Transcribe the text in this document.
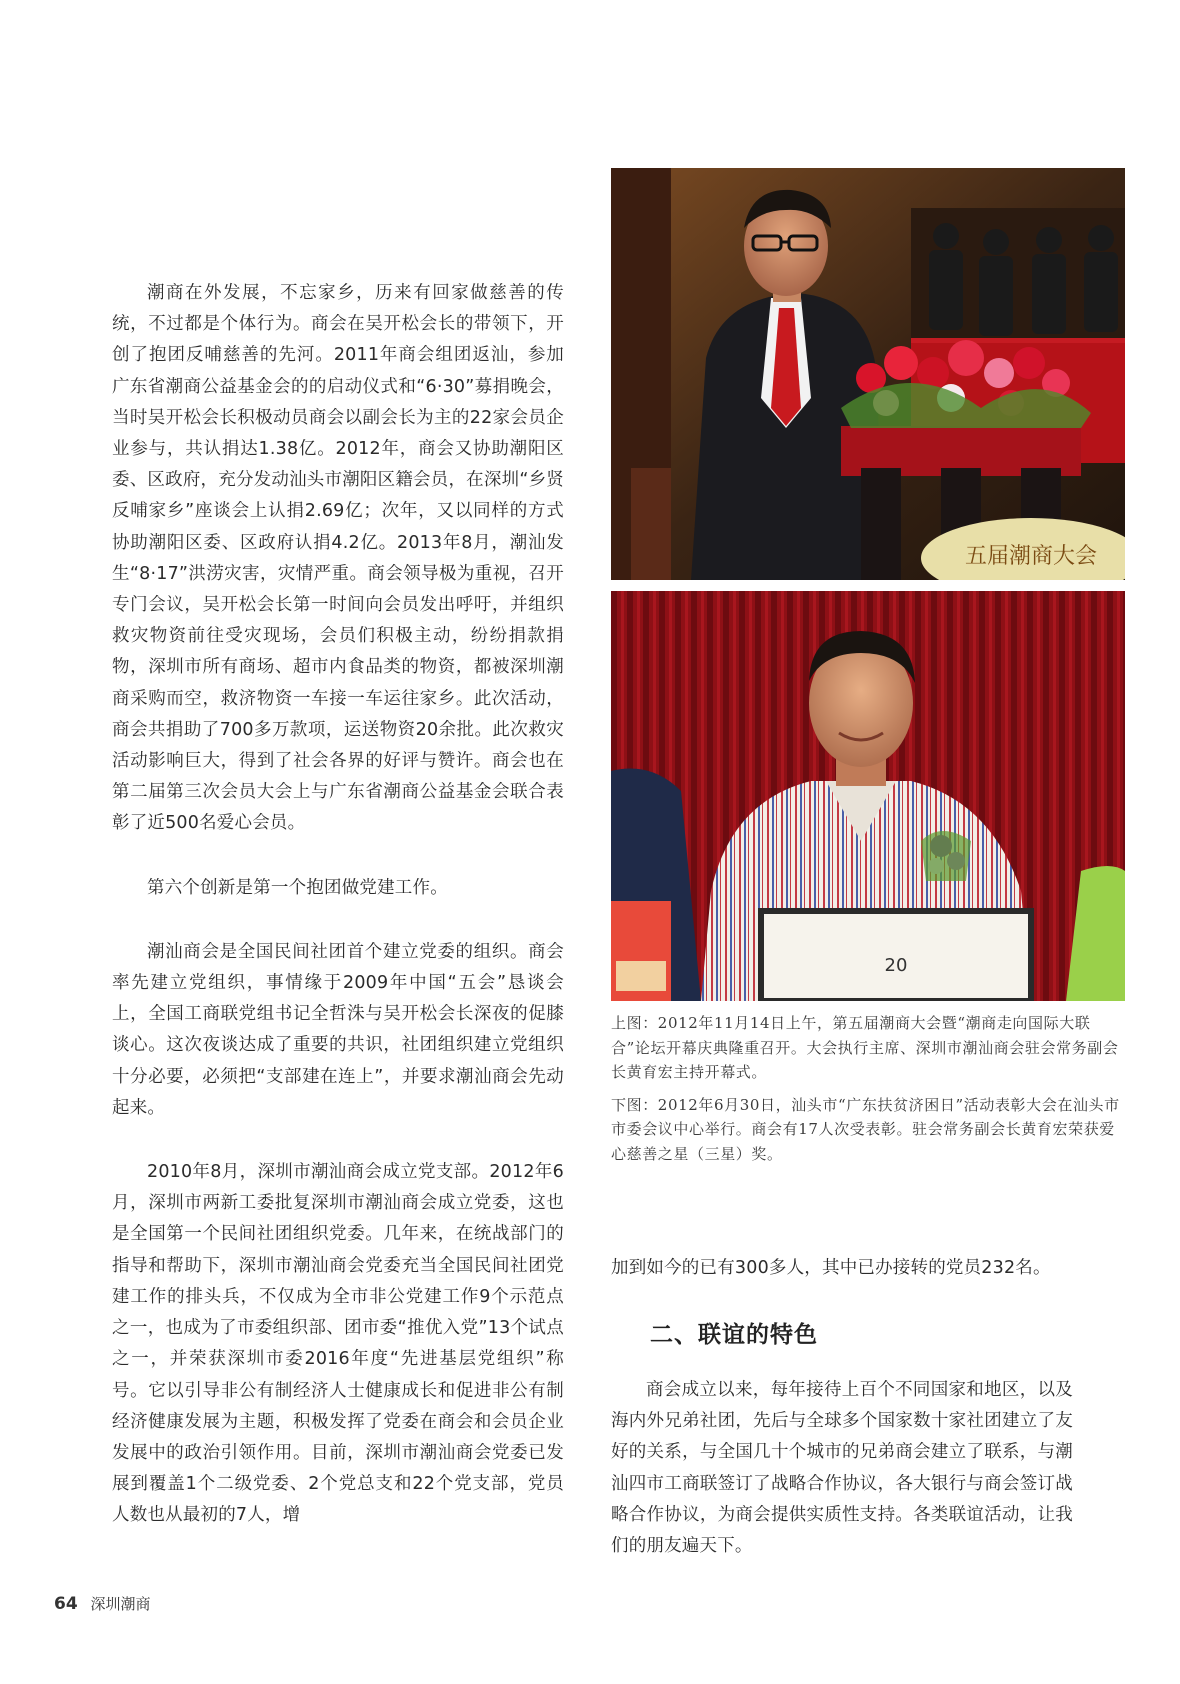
潮商在外发展，不忘家乡，历来有回家做慈善的传统，不过都是个体行为。商会在吴开松会长的带领下，开创了抱团反哺慈善的先河。2011年商会组团返汕，参加广东省潮商公益基金会的的启动仪式和“6·30”募捐晚会，当时吴开松会长积极动员商会以副会长为主的22家会员企业参与，共认捐达1.38亿。2012年，商会又协助潮阳区委、区政府，充分发动汕头市潮阳区籍会员，在深圳“乡贤反哺家乡”座谈会上认捐2.69亿；次年，又以同样的方式协助潮阳区委、区政府认捐4.2亿。2013年8月，潮汕发生“8·17”洪涝灾害，灾情严重。商会领导极为重视，召开专门会议，吴开松会长第一时间向会员发出呼吁，并组织救灾物资前往受灾现场，会员们积极主动，纷纷捐款捐物，深圳市所有商场、超市内食品类的物资，都被深圳潮商采购而空，救济物资一车接一车运往家乡。此次活动，商会共捐助了700多万款项，运送物资20余批。此次救灾活动影响巨大，得到了社会各界的好评与赞许。商会也在第二届第三次会员大会上与广东省潮商公益基金会联合表彰了近500名爱心会员。

第六个创新是第一个抱团做党建工作。

潮汕商会是全国民间社团首个建立党委的组织。商会率先建立党组织，事情缘于2009年中国“五会”恳谈会上，全国工商联党组书记全哲洙与吴开松会长深夜的促膝谈心。这次夜谈达成了重要的共识，社团组织建立党组织十分必要，必须把“支部建在连上”，并要求潮汕商会先动起来。

2010年8月，深圳市潮汕商会成立党支部。2012年6月，深圳市两新工委批复深圳市潮汕商会成立党委，这也是全国第一个民间社团组织党委。几年来，在统战部门的指导和帮助下，深圳市潮汕商会党委充当全国民间社团党建工作的排头兵，不仅成为全市非公党建工作9个示范点之一，也成为了市委组织部、团市委“推优入党”13个试点之一，并荣获深圳市委2016年度“先进基层党组织”称号。它以引导非公有制经济人士健康成长和促进非公有制经济健康发展为主题，积极发挥了党委在商会和会员企业发展中的政治引领作用。目前，深圳市潮汕商会党委已发展到覆盖1个二级党委、2个党总支和22个党支部，党员人数也从最初的7人，增

五届潮商大会
20

上图：2012年11月14日上午，第五届潮商大会暨“潮商走向国际大联合”论坛开幕庆典隆重召开。大会执行主席、深圳市潮汕商会驻会常务副会长黄育宏主持开幕式。

下图：2012年6月30日，汕头市“广东扶贫济困日”活动表彰大会在汕头市市委会议中心举行。商会有17人次受表彰。驻会常务副会长黄育宏荣获爱心慈善之星（三星）奖。

加到如今的已有300多人，其中已办接转的党员232名。

二、联谊的特色

商会成立以来，每年接待上百个不同国家和地区，以及海内外兄弟社团，先后与全球多个国家数十家社团建立了友好的关系，与全国几十个城市的兄弟商会建立了联系，与潮汕四市工商联签订了战略合作协议，各大银行与商会签订战略合作协议，为商会提供实质性支持。各类联谊活动，让我们的朋友遍天下。

64 深圳潮商
